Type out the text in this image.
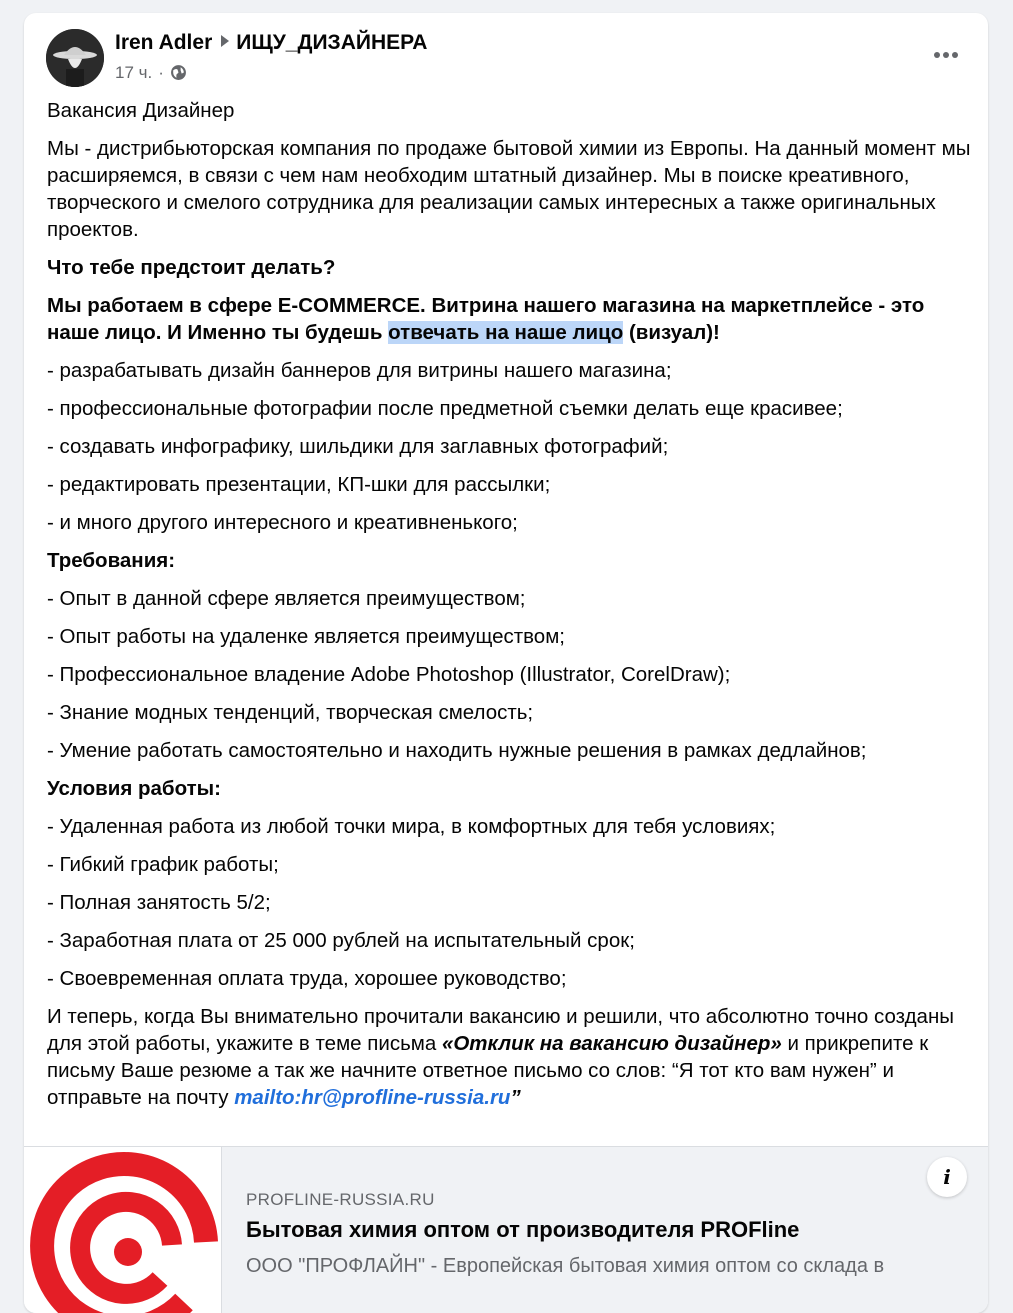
Iren Adler ИЩУ_ДИЗАЙНЕРА
17 ч. ·

Вакансия Дизайнер

Мы - дистрибьюторская компания по продаже бытовой химии из Европы. На данный момент мы расширяемся, в связи с чем нам необходим штатный дизайнер. Мы в поиске креативного, творческого и смелого сотрудника для реализации самых интересных а также оригинальных проектов.

Что тебе предстоит делать?

Мы работаем в сфере E-COMMERCE. Витрина нашего магазина на маркетплейсе - это наше лицо. И Именно ты будешь отвечать на наше лицо (визуал)!

- разрабатывать дизайн баннеров для витрины нашего магазина;

- профессиональные фотографии после предметной съемки делать еще красивее;

- создавать инфографику, шильдики для заглавных фотографий;

- редактировать презентации, КП-шки для рассылки;

- и много другого интересного и креативненького;

Требования:

- Опыт в данной сфере является преимуществом;

- Опыт работы на удаленке является преимуществом;

- Профессиональное владение Adobe Photoshop (Illustrator, CorelDraw);

- Знание модных тенденций, творческая смелость;

- Умение работать самостоятельно и находить нужные решения в рамках дедлайнов;

Условия работы:

- Удаленная работа из любой точки мира, в комфортных для тебя условиях;

- Гибкий график работы;

- Полная занятость 5/2;

- Заработная плата от 25 000 рублей на испытательный срок;

- Своевременная оплата труда, хорошее руководство;

И теперь, когда Вы внимательно прочитали вакансию и решили, что абсолютно точно созданы для этой работы, укажите в теме письма «Отклик на вакансию дизайнер» и прикрепите к письму Ваше резюме а так же начните ответное письмо со слов: “Я тот кто вам нужен” и отправьте на почту mailto:hr@profline-russia.ru”

PROFLINE-RUSSIA.RU
Бытовая химия оптом от производителя PROFline
ООО "ПРОФЛАЙН" - Европейская бытовая химия оптом со склада в
i
